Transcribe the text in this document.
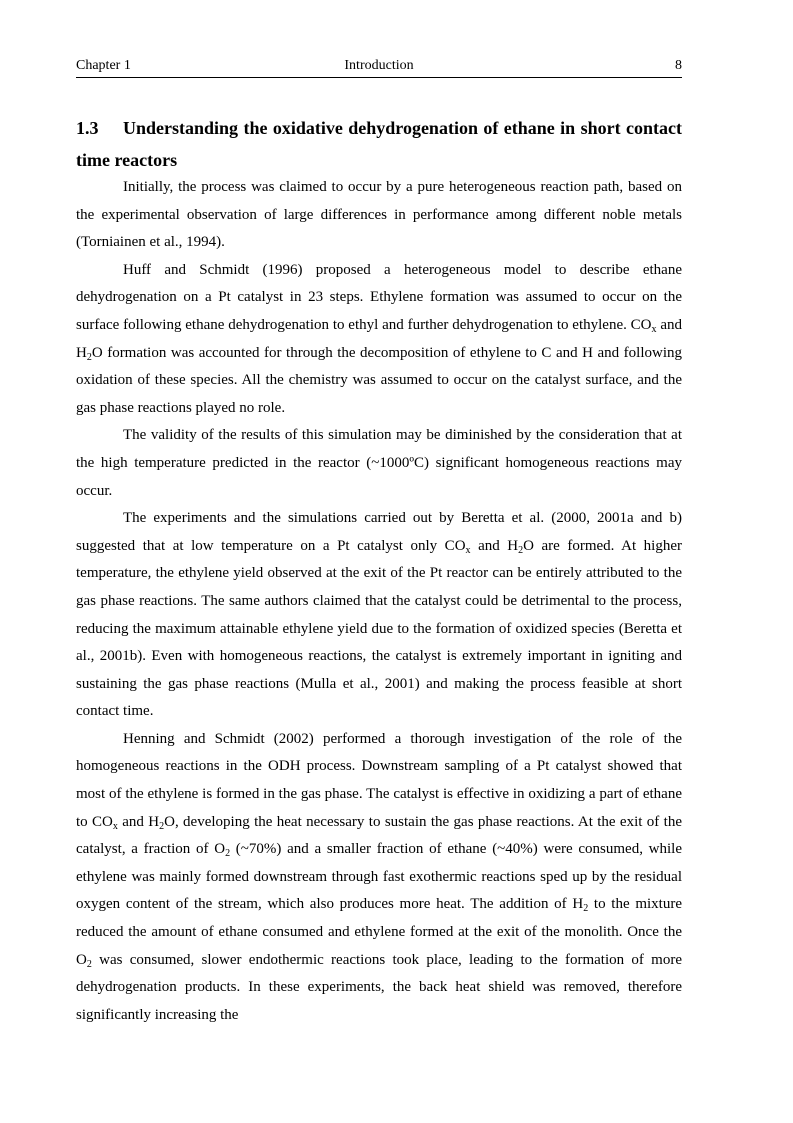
Chapter 1	Introduction	8
1.3 Understanding the oxidative dehydrogenation of ethane in short contact time reactors

Initially, the process was claimed to occur by a pure heterogeneous reaction path, based on the experimental observation of large differences in performance among different noble metals (Torniainen et al., 1994).

Huff and Schmidt (1996) proposed a heterogeneous model to describe ethane dehydrogenation on a Pt catalyst in 23 steps. Ethylene formation was assumed to occur on the surface following ethane dehydrogenation to ethyl and further dehydrogenation to ethylene. $CO_x$ and $H_2O$ formation was accounted for through the decomposition of ethylene to C and H and following oxidation of these species. All the chemistry was assumed to occur on the catalyst surface, and the gas phase reactions played no role.

The validity of the results of this simulation may be diminished by the consideration that at the high temperature predicted in the reactor (~1000ºC) significant homogeneous reactions may occur.

The experiments and the simulations carried out by Beretta et al. (2000, 2001a and b) suggested that at low temperature on a Pt catalyst only $CO_x$ and $H_2O$ are formed. At higher temperature, the ethylene yield observed at the exit of the Pt reactor can be entirely attributed to the gas phase reactions. The same authors claimed that the catalyst could be detrimental to the process, reducing the maximum attainable ethylene yield due to the formation of oxidized species (Beretta et al., 2001b). Even with homogeneous reactions, the catalyst is extremely important in igniting and sustaining the gas phase reactions (Mulla et al., 2001) and making the process feasible at short contact time.

Henning and Schmidt (2002) performed a thorough investigation of the role of the homogeneous reactions in the ODH process. Downstream sampling of a Pt catalyst showed that most of the ethylene is formed in the gas phase. The catalyst is effective in oxidizing a part of ethane to $CO_x$ and $H_2O$, developing the heat necessary to sustain the gas phase reactions. At the exit of the catalyst, a fraction of $O_2$ (~70%) and a smaller fraction of ethane (~40%) were consumed, while ethylene was mainly formed downstream through fast exothermic reactions sped up by the residual oxygen content of the stream, which also produces more heat. The addition of $H_2$ to the mixture reduced the amount of ethane consumed and ethylene formed at the exit of the monolith. Once the $O_2$ was consumed, slower endothermic reactions took place, leading to the formation of more dehydrogenation products. In these experiments, the back heat shield was removed, therefore significantly increasing the
